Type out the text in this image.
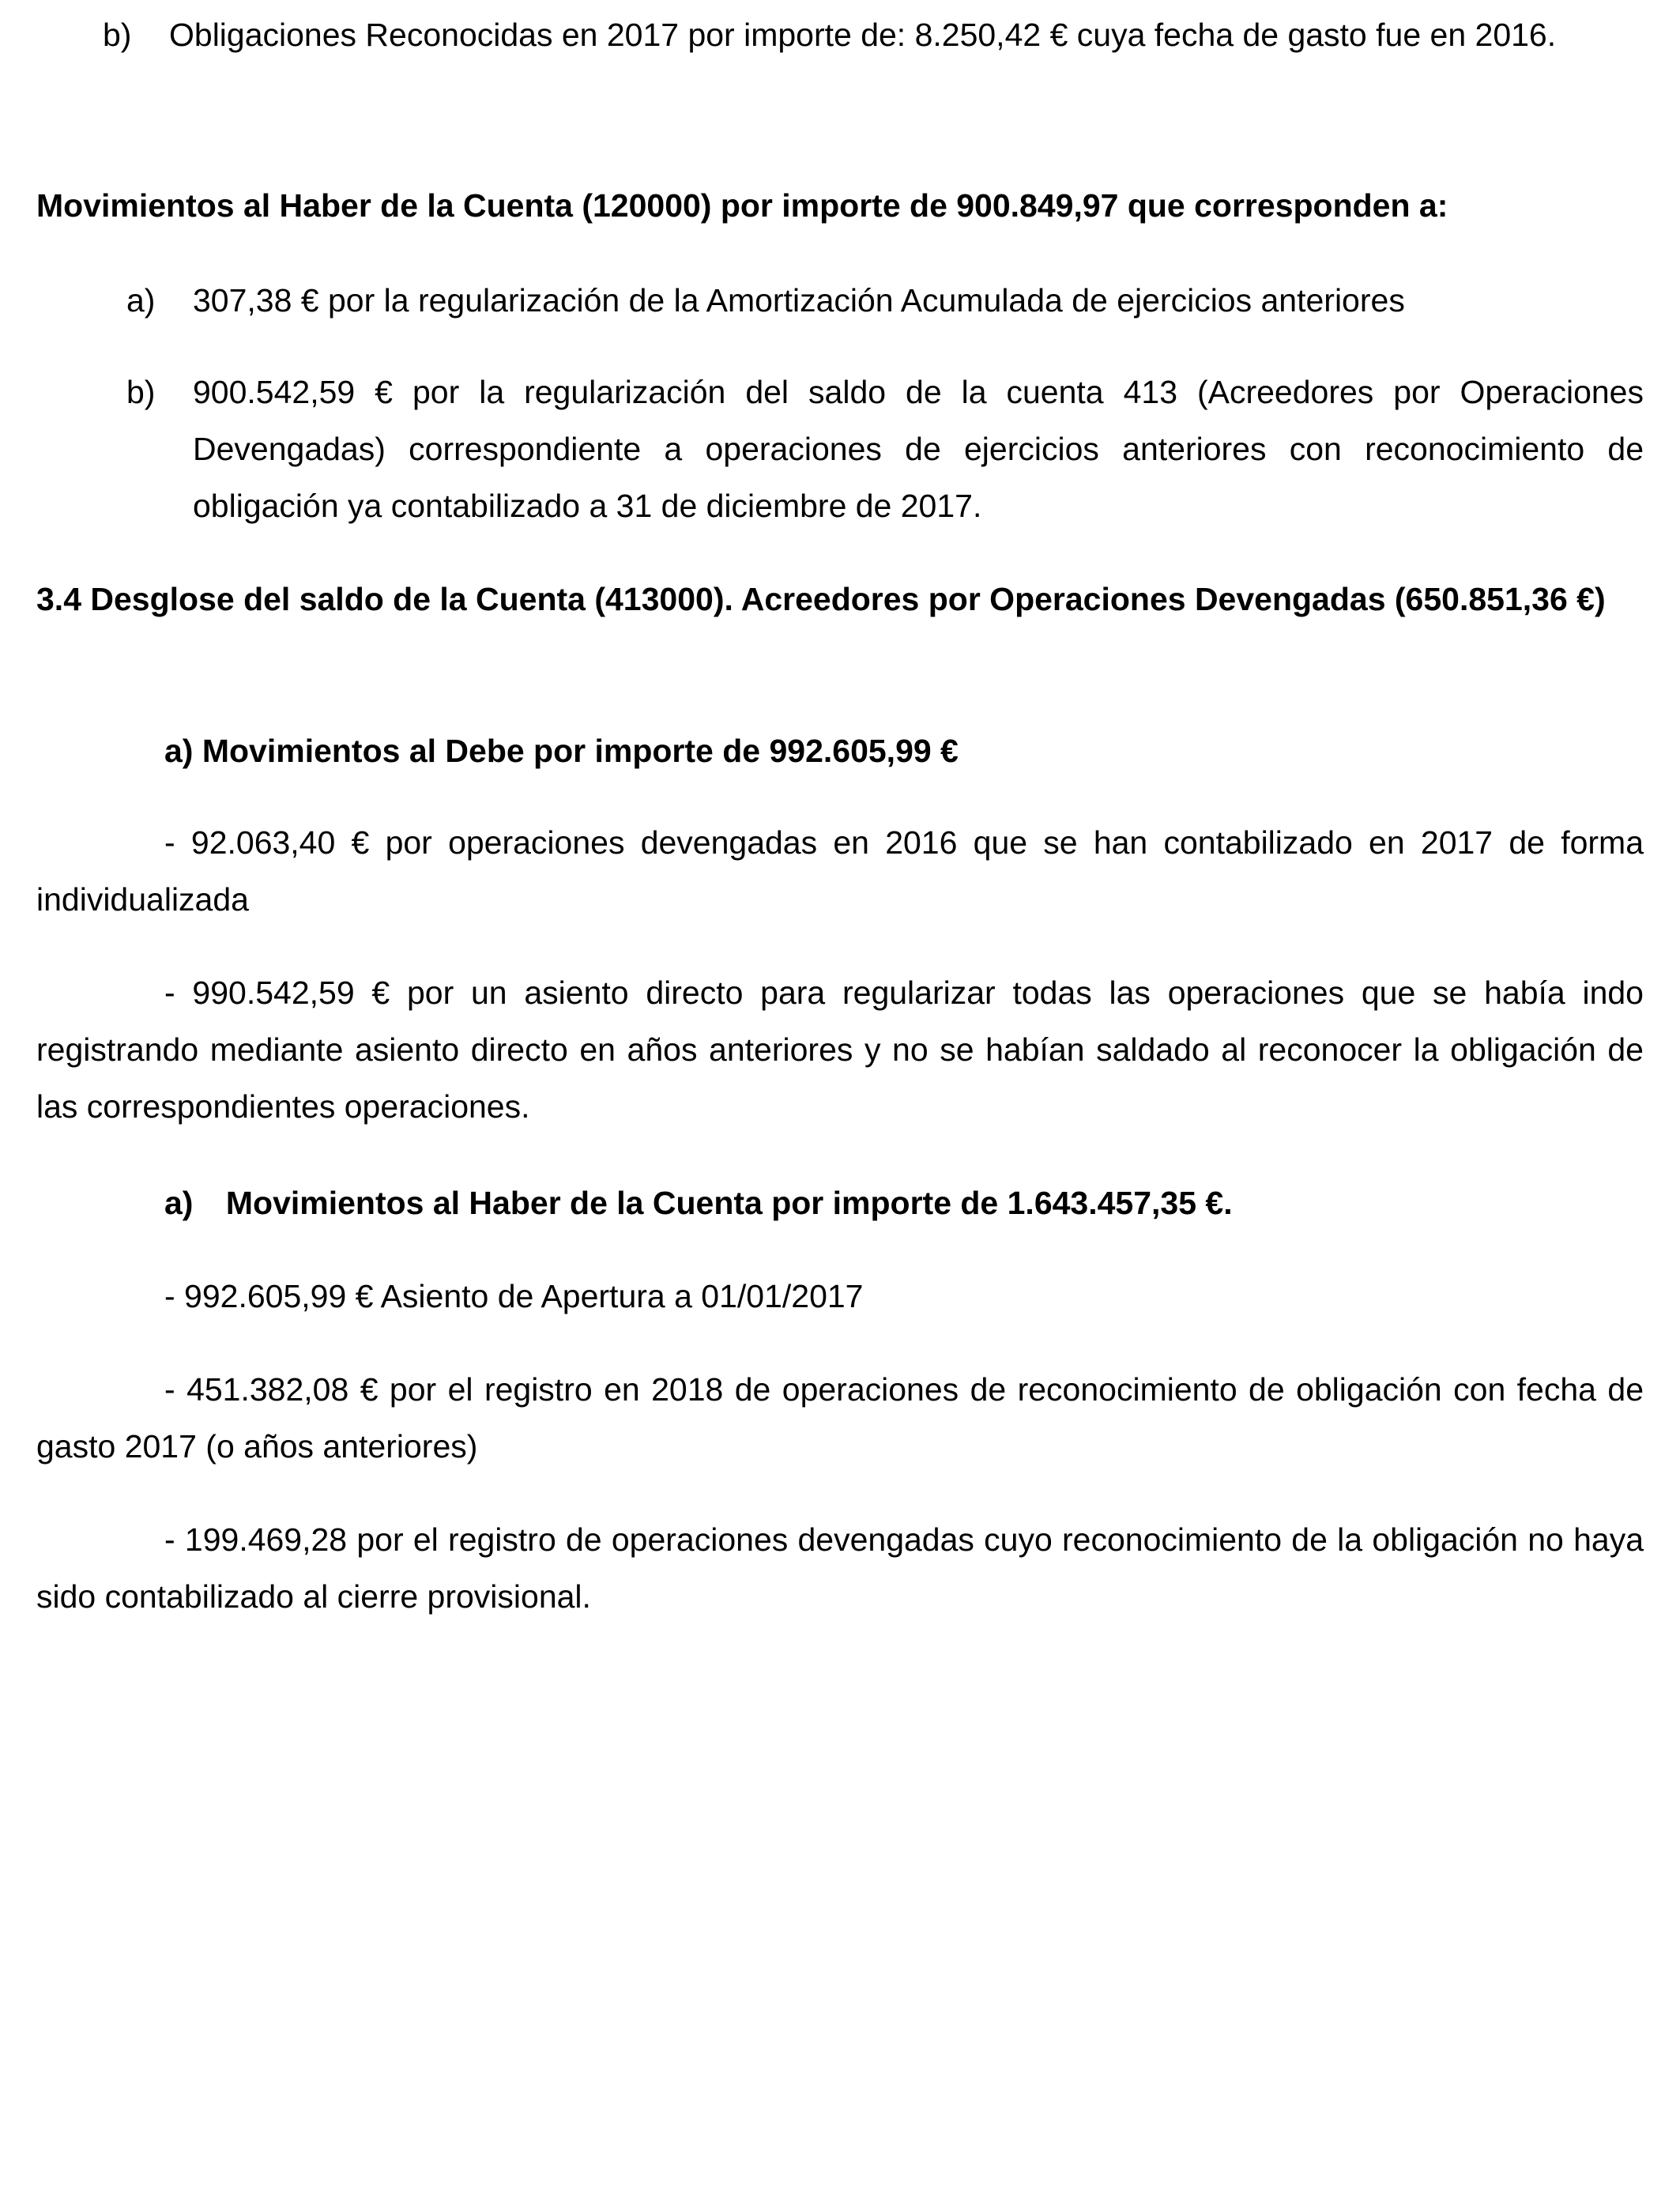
b) Obligaciones Reconocidas en 2017 por importe de: 8.250,42 € cuya fecha de gasto fue en 2016.
Movimientos al Haber de la Cuenta (120000) por importe de 900.849,97 que corresponden a:
a) 307,38 € por la regularización de la Amortización Acumulada de ejercicios anteriores
b) 900.542,59 € por la regularización del saldo de la cuenta 413 (Acreedores por Operaciones Devengadas) correspondiente a operaciones de ejercicios anteriores con reconocimiento de obligación ya contabilizado a 31 de diciembre de 2017.
3.4 Desglose del saldo de la Cuenta (413000). Acreedores por Operaciones Devengadas (650.851,36 €)
a) Movimientos al Debe por importe de 992.605,99 €
- 92.063,40 € por operaciones devengadas en 2016 que se han contabilizado en 2017 de forma individualizada
- 990.542,59 € por un asiento directo para regularizar todas las operaciones que se había indo registrando mediante asiento directo en años anteriores y no se habían saldado al reconocer la obligación de las correspondientes operaciones.
a) Movimientos al Haber de la Cuenta por importe de 1.643.457,35 €.
- 992.605,99 € Asiento de Apertura a 01/01/2017
- 451.382,08 € por el registro en 2018 de operaciones de reconocimiento de obligación con fecha de gasto 2017 (o años anteriores)
- 199.469,28 por el registro de operaciones devengadas cuyo reconocimiento de la obligación no haya sido contabilizado al cierre provisional.
